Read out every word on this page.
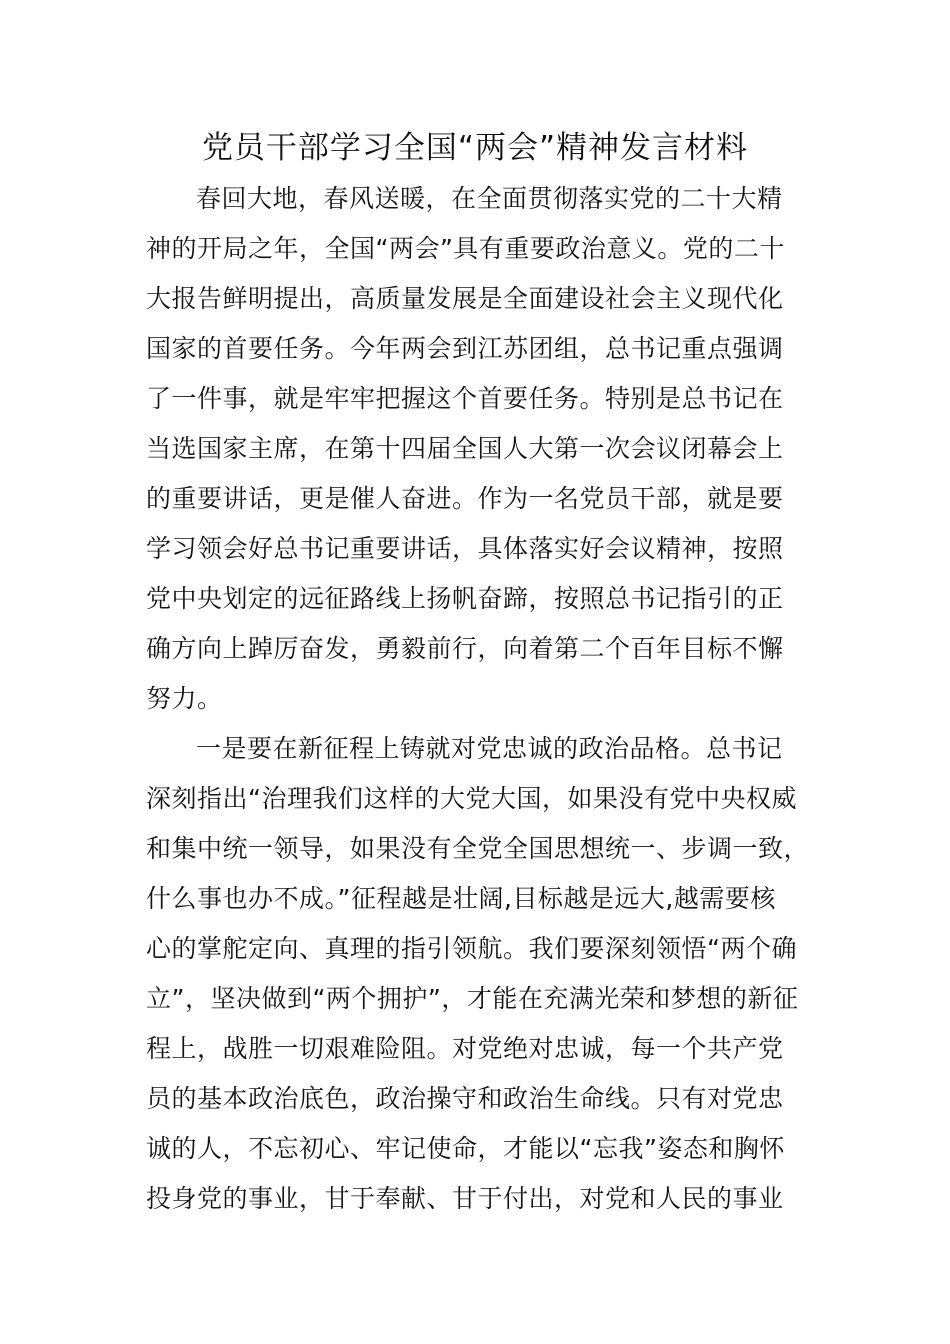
党员干部学习全国“两会”精神发言材料
春回大地，春风送暖，在全面贯彻落实党的二十大精
神的开局之年，全国“两会”具有重要政治意义。党的二十
大报告鲜明提出，高质量发展是全面建设社会主义现代化
国家的首要任务。今年两会到江苏团组，总书记重点强调
了一件事，就是牢牢把握这个首要任务。特别是总书记在
当选国家主席，在第十四届全国人大第一次会议闭幕会上
的重要讲话，更是催人奋进。作为一名党员干部，就是要
学习领会好总书记重要讲话，具体落实好会议精神，按照
党中央划定的远征路线上扬帆奋蹄，按照总书记指引的正
确方向上踔厉奋发，勇毅前行，向着第二个百年目标不懈
努力。
一是要在新征程上铸就对党忠诚的政治品格。总书记
深刻指出“治理我们这样的大党大国，如果没有党中央权威
和集中统一领导，如果没有全党全国思想统一、步调一致，
什么事也办不成。”征程越是壮阔,目标越是远大,越需要核
心的掌舵定向、真理的指引领航。我们要深刻领悟“两个确
立”，坚决做到“两个拥护”，才能在充满光荣和梦想的新征
程上，战胜一切艰难险阻。对党绝对忠诚，每一个共产党
员的基本政治底色，政治操守和政治生命线。只有对党忠
诚的人，不忘初心、牢记使命，才能以“忘我”姿态和胸怀
投身党的事业，甘于奉献、甘于付出，对党和人民的事业
